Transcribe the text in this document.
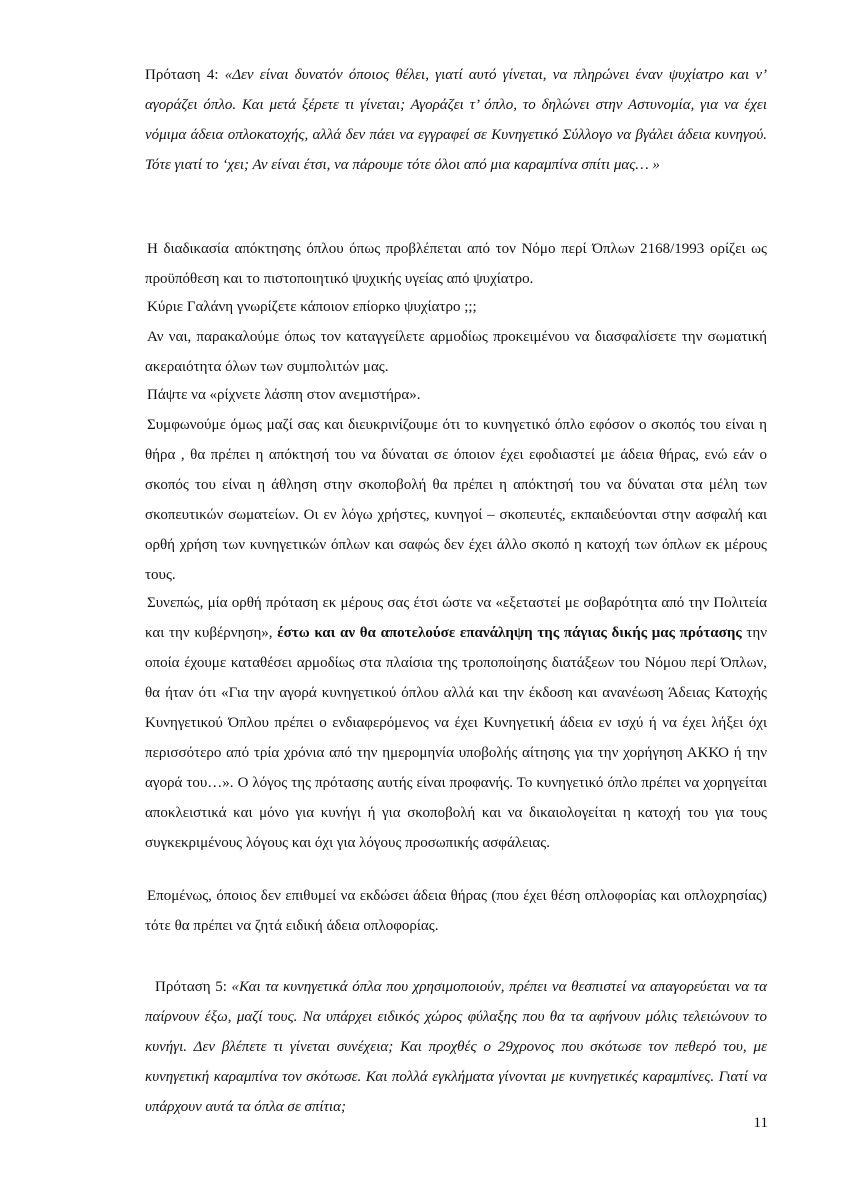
Πρόταση 4: «Δεν είναι δυνατόν όποιος θέλει, γιατί αυτό γίνεται, να πληρώνει έναν ψυχίατρο και ν’ αγοράζει όπλο. Και μετά ξέρετε τι γίνεται; Αγοράζει τ’ όπλο, το δηλώνει στην Αστυνομία, για να έχει νόμιμα άδεια οπλοκατοχής, αλλά δεν πάει να εγγραφεί σε Κυνηγετικό Σύλλογο να βγάλει άδεια κυνηγού. Τότε γιατί το ‘χει; Αν είναι έτσι, να πάρουμε τότε όλοι από μια καραμπίνα σπίτι μας… »

Η διαδικασία απόκτησης όπλου όπως προβλέπεται από τον Νόμο περί Όπλων 2168/1993 ορίζει ως προϋπόθεση και το πιστοποιητικό ψυχικής υγείας από ψυχίατρο.

Κύριε Γαλάνη γνωρίζετε κάποιον επίορκο ψυχίατρο ;;;

Αν ναι, παρακαλούμε όπως τον καταγγείλετε αρμοδίως προκειμένου να διασφαλίσετε την σωματική ακεραιότητα όλων των συμπολιτών μας.

Πάψτε να «ρίχνετε λάσπη στον ανεμιστήρα».

Συμφωνούμε όμως μαζί σας και διευκρινίζουμε ότι το κυνηγετικό όπλο εφόσον ο σκοπός του είναι η θήρα , θα πρέπει η απόκτησή του να δύναται σε όποιον έχει εφοδιαστεί με άδεια θήρας, ενώ εάν ο σκοπός του είναι η άθληση στην σκοποβολή θα πρέπει η απόκτησή του να δύναται στα μέλη των σκοπευτικών σωματείων. Οι εν λόγω χρήστες, κυνηγοί – σκοπευτές, εκπαιδεύονται στην ασφαλή και ορθή χρήση των κυνηγετικών όπλων και σαφώς δεν έχει άλλο σκοπό η κατοχή των όπλων εκ μέρους τους.

Συνεπώς, μία ορθή πρόταση εκ μέρους σας έτσι ώστε να «εξεταστεί με σοβαρότητα από την Πολιτεία και την κυβέρνηση», έστω και αν θα αποτελούσε επανάληψη της πάγιας δικής μας πρότασης την οποία έχουμε καταθέσει αρμοδίως στα πλαίσια της τροποποίησης διατάξεων του Νόμου περί Όπλων, θα ήταν ότι «Για την αγορά κυνηγετικού όπλου αλλά και την έκδοση και ανανέωση Άδειας Κατοχής Κυνηγετικού Όπλου πρέπει ο ενδιαφερόμενος να έχει Κυνηγετική άδεια εν ισχύ ή να έχει λήξει όχι περισσότερο από τρία χρόνια από την ημερομηνία υποβολής αίτησης για την χορήγηση ΑΚΚΟ ή την αγορά του…». Ο λόγος της πρότασης αυτής είναι προφανής. Το κυνηγετικό όπλο πρέπει να χορηγείται αποκλειστικά και μόνο για κυνήγι ή για σκοποβολή και να δικαιολογείται η κατοχή του για τους συγκεκριμένους λόγους και όχι για λόγους προσωπικής ασφάλειας.

Επομένως, όποιος δεν επιθυμεί να εκδώσει άδεια θήρας (που έχει θέση οπλοφορίας και οπλοχρησίας) τότε θα πρέπει να ζητά ειδική άδεια οπλοφορίας.

Πρόταση 5: «Και τα κυνηγετικά όπλα που χρησιμοποιούν, πρέπει να θεσπιστεί να απαγορεύεται να τα παίρνουν έξω, μαζί τους. Να υπάρχει ειδικός χώρος φύλαξης που θα τα αφήνουν μόλις τελειώνουν το κυνήγι. Δεν βλέπετε τι γίνεται συνέχεια; Και προχθές ο 29χρονος που σκότωσε τον πεθερό του, με κυνηγετική καραμπίνα τον σκότωσε. Και πολλά εγκλήματα γίνονται με κυνηγετικές καραμπίνες. Γιατί να υπάρχουν αυτά τα όπλα σε σπίτια;

11
